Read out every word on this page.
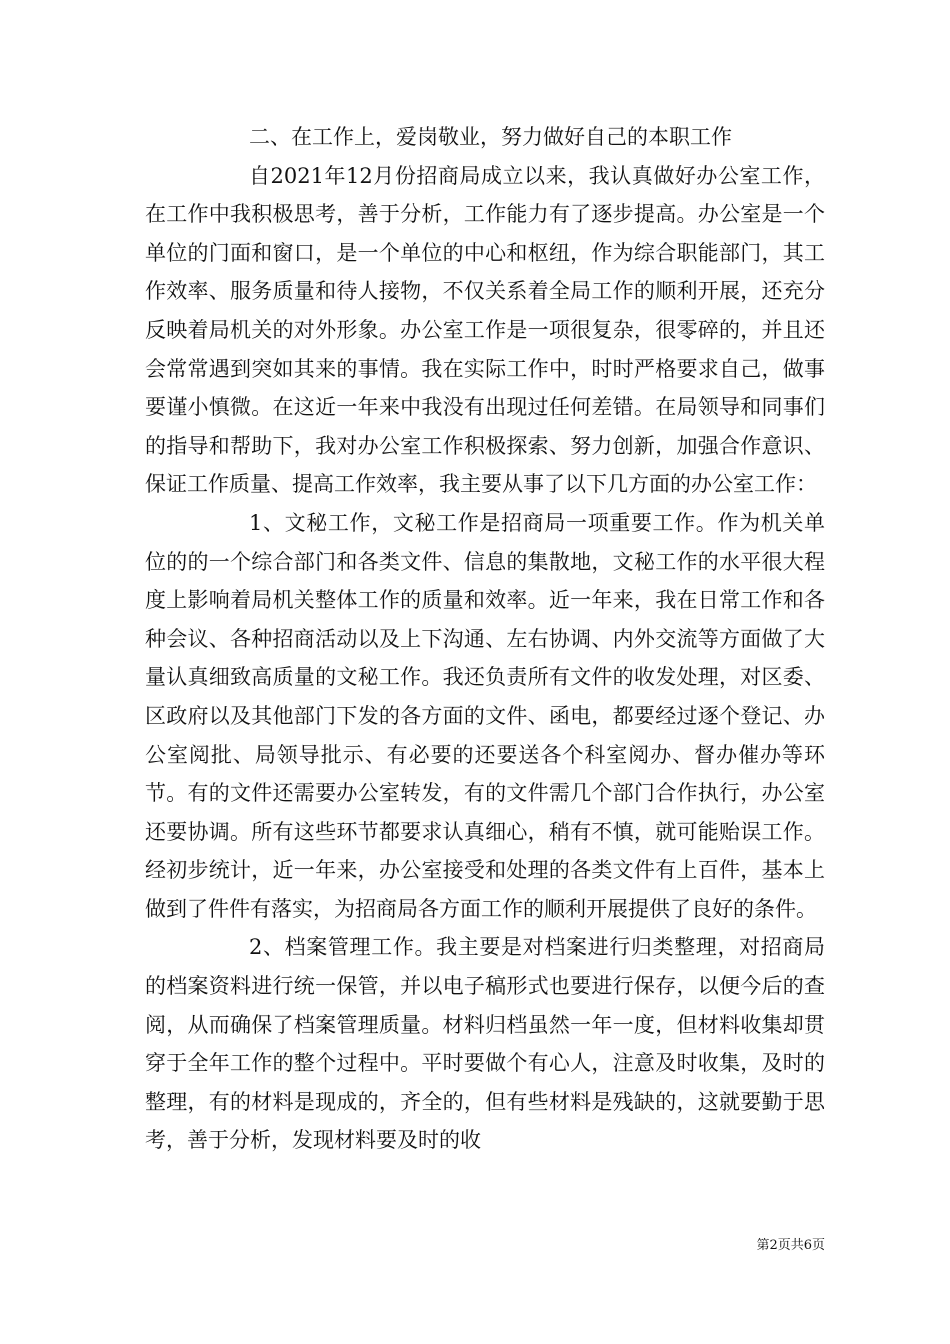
二、在工作上，爱岗敬业，努力做好自己的本职工作

自2021年12月份招商局成立以来，我认真做好办公室工作，在工作中我积极思考，善于分析，工作能力有了逐步提高。办公室是一个单位的门面和窗口，是一个单位的中心和枢纽，作为综合职能部门，其工作效率、服务质量和待人接物，不仅关系着全局工作的顺利开展，还充分反映着局机关的对外形象。办公室工作是一项很复杂，很零碎的，并且还会常常遇到突如其来的事情。我在实际工作中，时时严格要求自己，做事要谨小慎微。在这近一年来中我没有出现过任何差错。在局领导和同事们的指导和帮助下，我对办公室工作积极探索、努力创新，加强合作意识、保证工作质量、提高工作效率，我主要从事了以下几方面的办公室工作：

1、文秘工作，文秘工作是招商局一项重要工作。作为机关单位的的一个综合部门和各类文件、信息的集散地，文秘工作的水平很大程度上影响着局机关整体工作的质量和效率。近一年来，我在日常工作和各种会议、各种招商活动以及上下沟通、左右协调、内外交流等方面做了大量认真细致高质量的文秘工作。我还负责所有文件的收发处理，对区委、区政府以及其他部门下发的各方面的文件、函电，都要经过逐个登记、办公室阅批、局领导批示、有必要的还要送各个科室阅办、督办催办等环节。有的文件还需要办公室转发，有的文件需几个部门合作执行，办公室还要协调。所有这些环节都要求认真细心，稍有不慎，就可能贻误工作。经初步统计，近一年来，办公室接受和处理的各类文件有上百件，基本上做到了件件有落实，为招商局各方面工作的顺利开展提供了良好的条件。

2、档案管理工作。我主要是对档案进行归类整理，对招商局的档案资料进行统一保管，并以电子稿形式也要进行保存，以便今后的查阅，从而确保了档案管理质量。材料归档虽然一年一度，但材料收集却贯穿于全年工作的整个过程中。平时要做个有心人，注意及时收集，及时的整理，有的材料是现成的，齐全的，但有些材料是残缺的，这就要勤于思考，善于分析，发现材料要及时的收

第2页共6页
